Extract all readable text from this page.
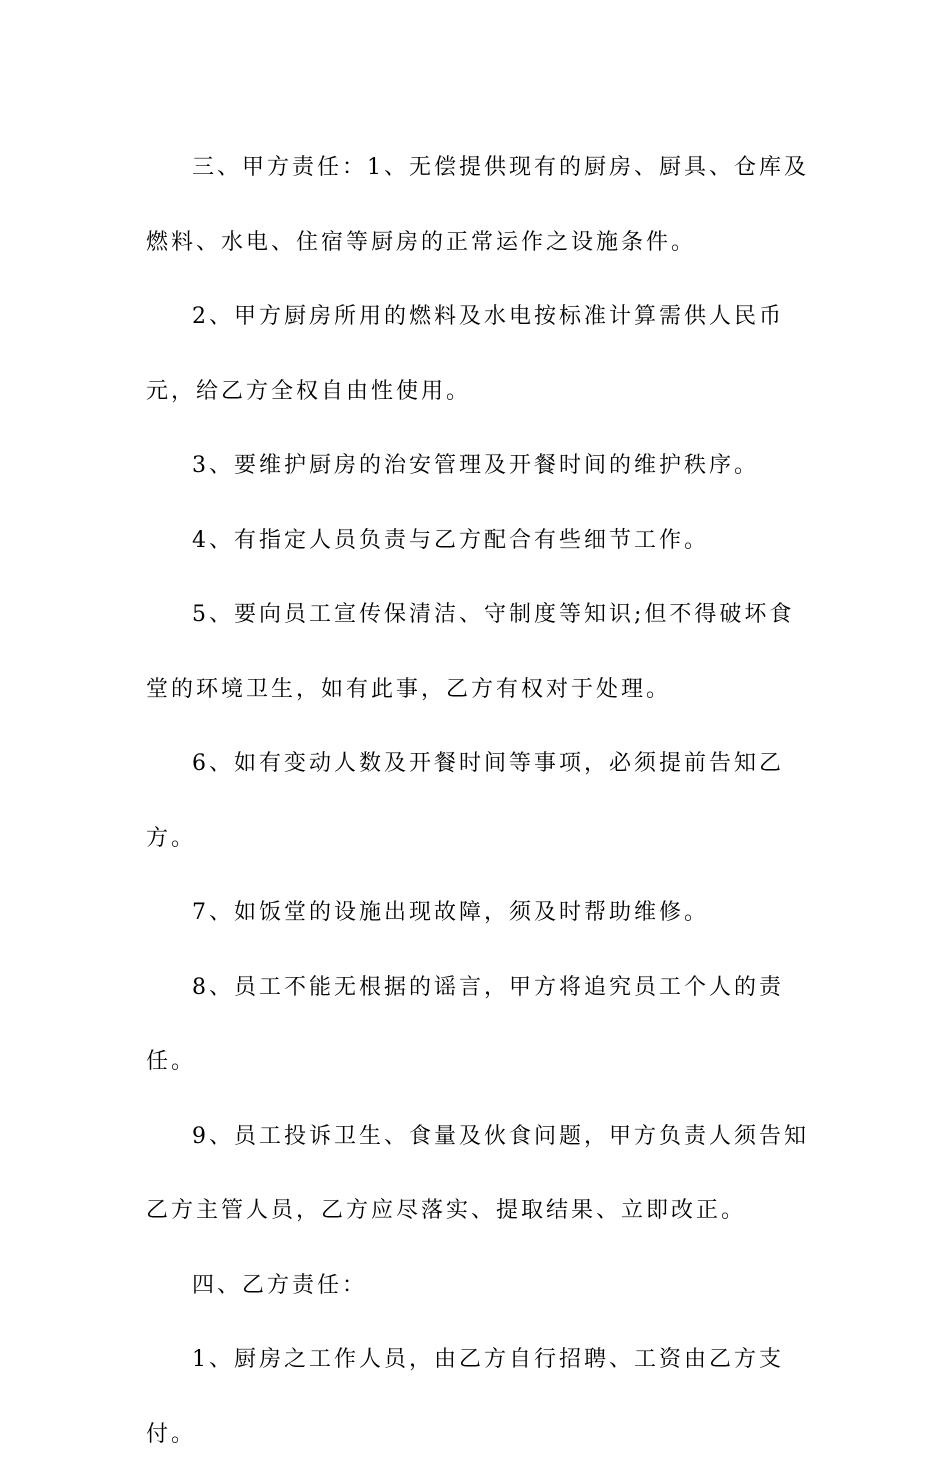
三、甲方责任：1、无偿提供现有的厨房、厨具、仓库及燃料、水电、住宿等厨房的正常运作之设施条件。

2、甲方厨房所用的燃料及水电按标准计算需供人民币元，给乙方全权自由性使用。

3、要维护厨房的治安管理及开餐时间的维护秩序。

4、有指定人员负责与乙方配合有些细节工作。

5、要向员工宣传保清洁、守制度等知识;但不得破坏食堂的环境卫生，如有此事，乙方有权对于处理。

6、如有变动人数及开餐时间等事项，必须提前告知乙方。

7、如饭堂的设施出现故障，须及时帮助维修。

8、员工不能无根据的谣言，甲方将追究员工个人的责任。

9、员工投诉卫生、食量及伙食问题，甲方负责人须告知乙方主管人员，乙方应尽落实、提取结果、立即改正。

四、乙方责任：

1、厨房之工作人员，由乙方自行招聘、工资由乙方支付。
